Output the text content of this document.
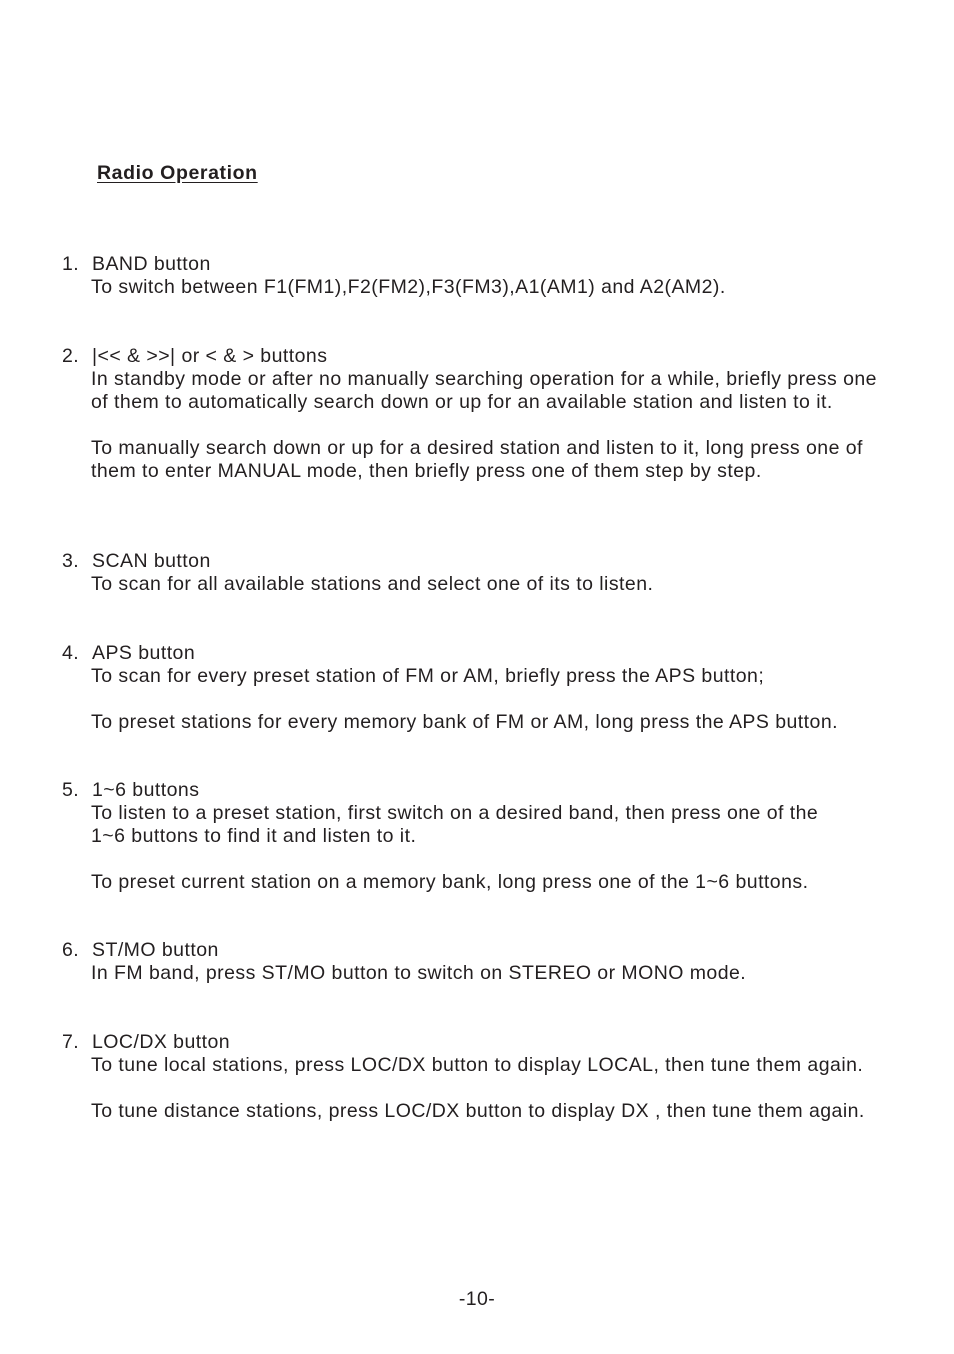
Radio Operation
1. BAND button

To switch between F1(FM1),F2(FM2),F3(FM3),A1(AM1) and A2(AM2).

2. |<< & >>| or < & > buttons

In standby mode or after no manually searching operation for a while, briefly press one of them to automatically search down or up for an available station and listen to it.

To manually search down or up for a desired station and listen to it, long press one of them to enter MANUAL mode, then briefly press one of them step by step.

3. SCAN button

To scan for all available stations and select one of its to listen.

4. APS button

To scan for every preset station of FM or AM, briefly press the APS button;

To preset stations for every memory bank of FM or AM, long press the APS button.

5. 1~6 buttons

To listen to a preset station, first switch on a desired band, then press one of the 1~6 buttons to find it and listen to it.

To preset current station on a memory bank, long press one of the 1~6 buttons.

6. ST/MO button

In FM band, press ST/MO button to switch on STEREO or MONO mode.

7. LOC/DX button

To tune local stations, press LOC/DX button to display LOCAL, then tune them again.

To tune distance stations, press LOC/DX button to display DX , then tune them again.

-10-
